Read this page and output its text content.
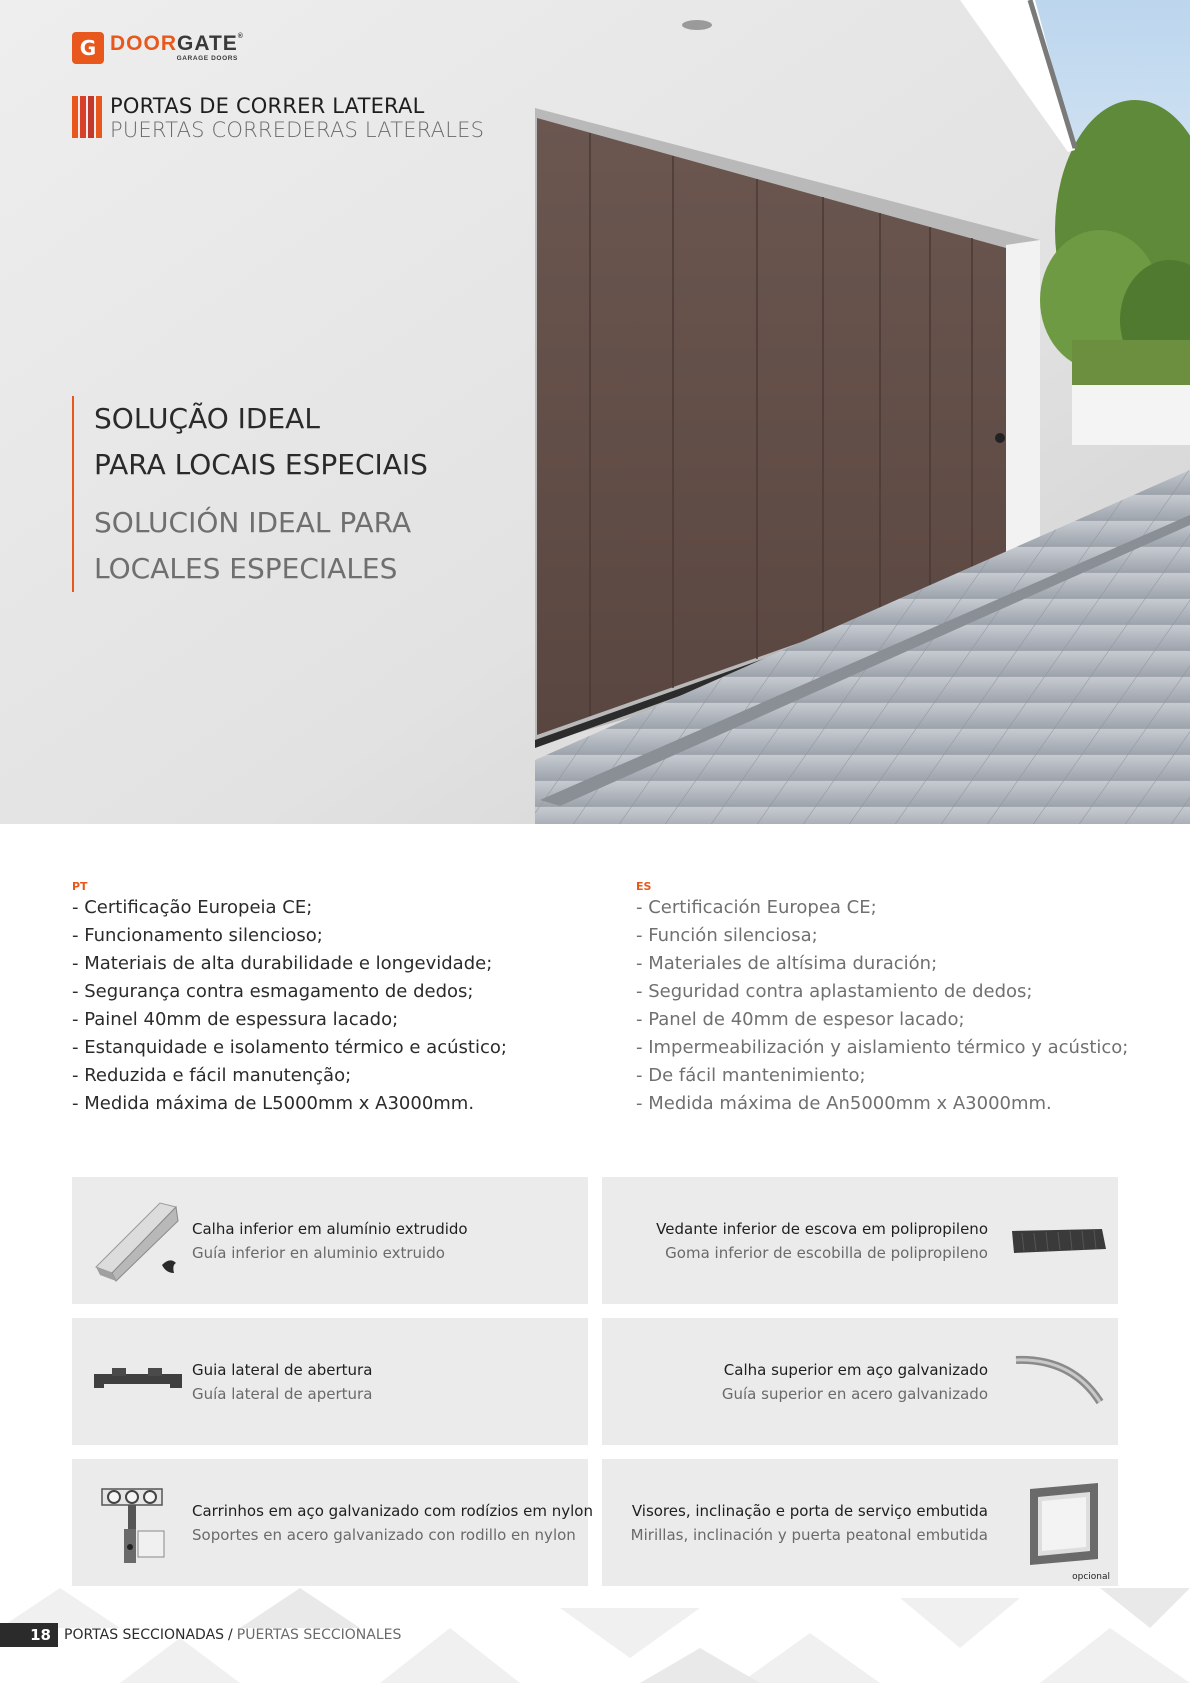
G DOORGATE®
GARAGE DOORS
PORTAS DE CORRER LATERAL
PUERTAS CORREDERAS LATERALES
SOLUÇÃO IDEAL
PARA LOCAIS ESPECIAIS
SOLUCIÓN IDEAL PARA
LOCALES ESPECIALES
PT
- Certificação Europeia CE;
- Funcionamento silencioso;
- Materiais de alta durabilidade e longevidade;
- Segurança contra esmagamento de dedos;
- Painel 40mm de espessura lacado;
- Estanquidade e isolamento térmico e acústico;
- Reduzida e fácil manutenção;
- Medida máxima de L5000mm x A3000mm.
ES
- Certificación Europea CE;
- Función silenciosa;
- Materiales de altísima duración;
- Seguridad contra aplastamiento de dedos;
- Panel de 40mm de espesor lacado;
- Impermeabilización y aislamiento térmico y acústico;
- De fácil mantenimiento;
- Medida máxima de An5000mm x A3000mm.
Calha inferior em alumínio extrudido
Guía inferior en aluminio extruido
Vedante inferior de escova em polipropileno
Goma inferior de escobilla de polipropileno
Guia lateral de abertura
Guía lateral de apertura
Calha superior em aço galvanizado
Guía superior en acero galvanizado
Carrinhos em aço galvanizado com rodízios em nylon
Soportes en acero galvanizado con rodillo en nylon
Visores, inclinação e porta de serviço embutida
Mirillas, inclinación y puerta peatonal embutida
opcional
18 PORTAS SECCIONADAS / PUERTAS SECCIONALES
